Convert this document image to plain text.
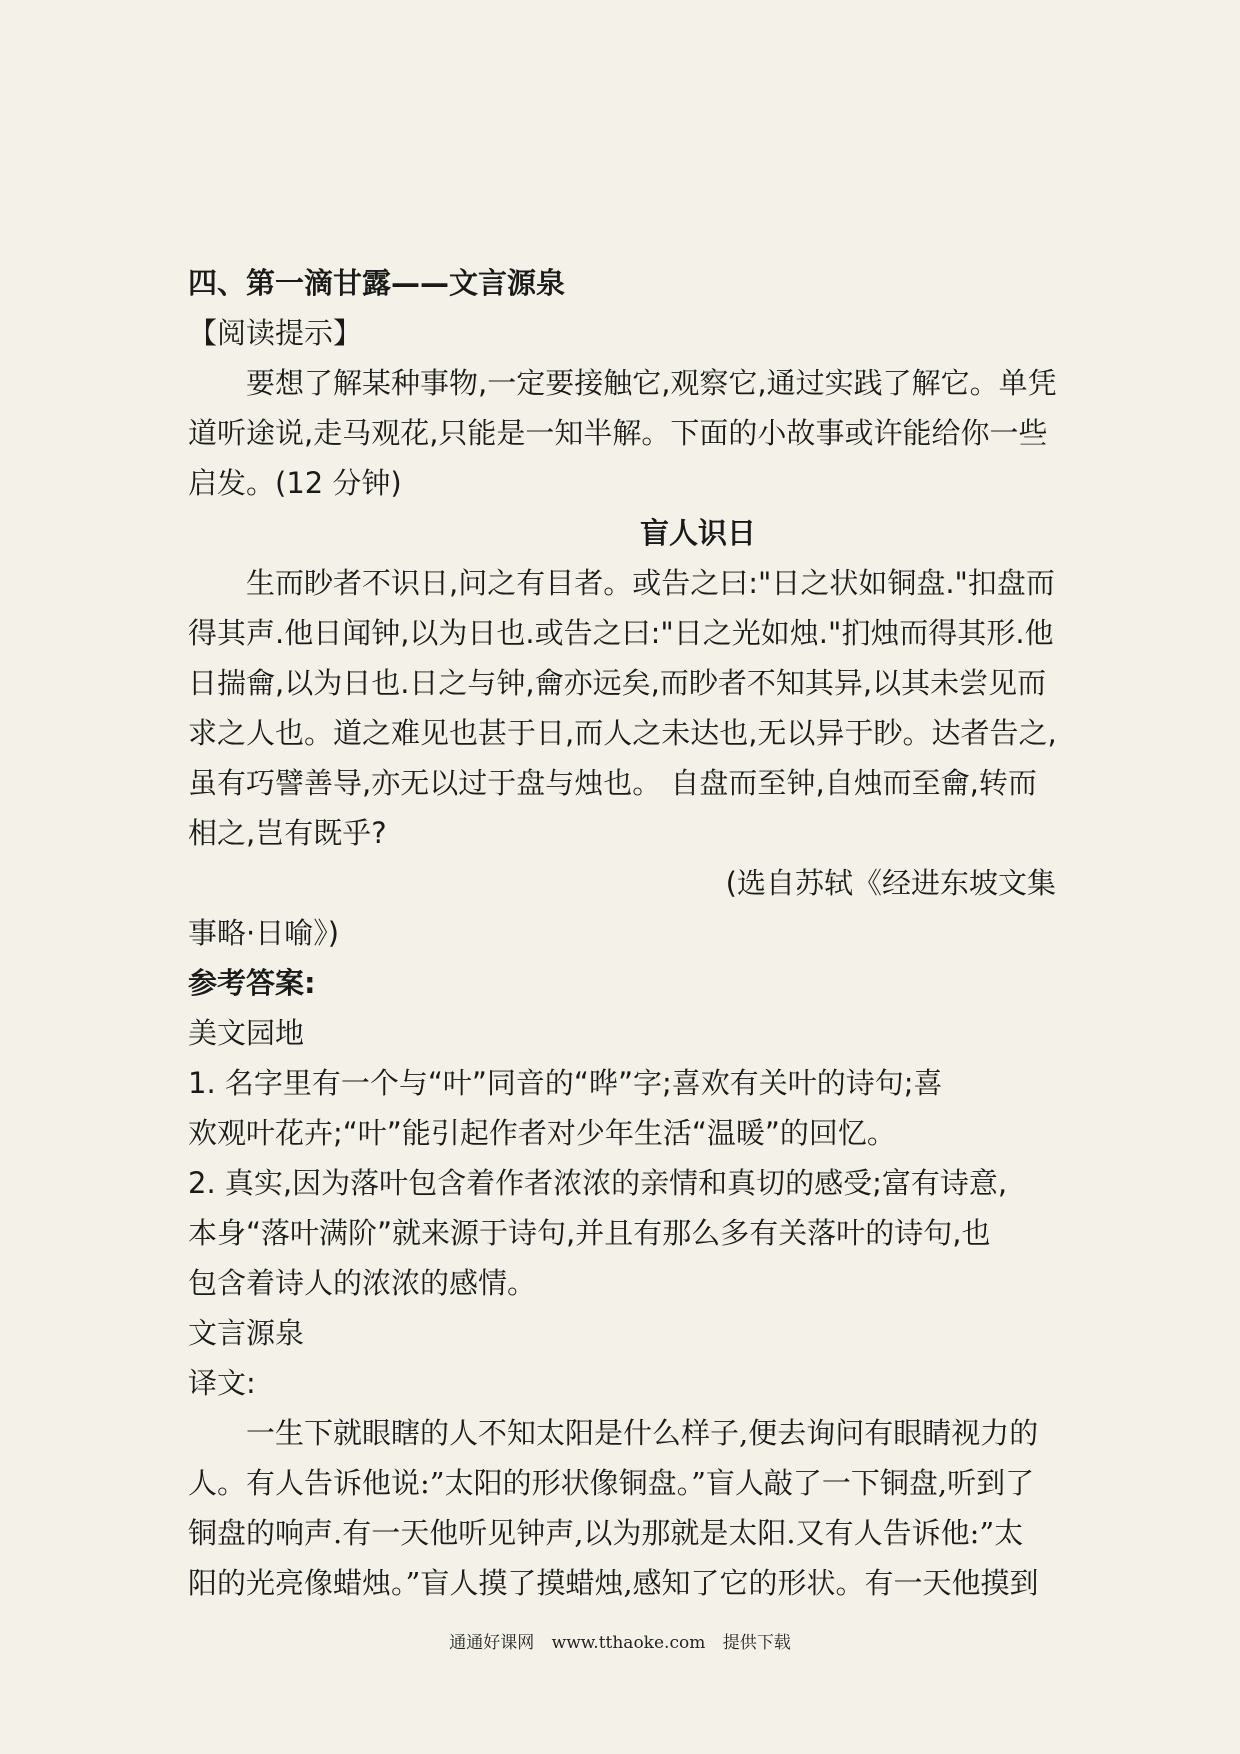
四、第一滴甘露——文言源泉
【阅读提示】
要想了解某种事物,一定要接触它,观察它,通过实践了解它。单凭
道听途说,走马观花,只能是一知半解。下面的小故事或许能给你一些
启发。(12 分钟)
盲人识日
生而眇者不识日,问之有目者。或告之曰:"日之状如铜盘."扣盘而
得其声.他日闻钟,以为日也.或告之曰:"日之光如烛."扪烛而得其形.他
日揣龠,以为日也.日之与钟,龠亦远矣,而眇者不知其异,以其未尝见而
求之人也。道之难见也甚于日,而人之未达也,无以异于眇。达者告之,
虽有巧譬善导,亦无以过于盘与烛也。 自盘而至钟,自烛而至龠,转而
相之,岂有既乎?
(选自苏轼《经进东坡文集
事略·日喻》)
参考答案:
美文园地
1. 名字里有一个与“叶”同音的“晔”字;喜欢有关叶的诗句;喜
欢观叶花卉;“叶”能引起作者对少年生活“温暖”的回忆。
2. 真实,因为落叶包含着作者浓浓的亲情和真切的感受;富有诗意,
本身“落叶满阶”就来源于诗句,并且有那么多有关落叶的诗句,也
包含着诗人的浓浓的感情。
文言源泉
译文:
一生下就眼瞎的人不知太阳是什么样子,便去询问有眼睛视力的
人。有人告诉他说:”太阳的形状像铜盘。”盲人敲了一下铜盘,听到了
铜盘的响声.有一天他听见钟声,以为那就是太阳.又有人告诉他:”太
阳的光亮像蜡烛。”盲人摸了摸蜡烛,感知了它的形状。有一天他摸到
通通好课网 www.tthaoke.com 提供下载
